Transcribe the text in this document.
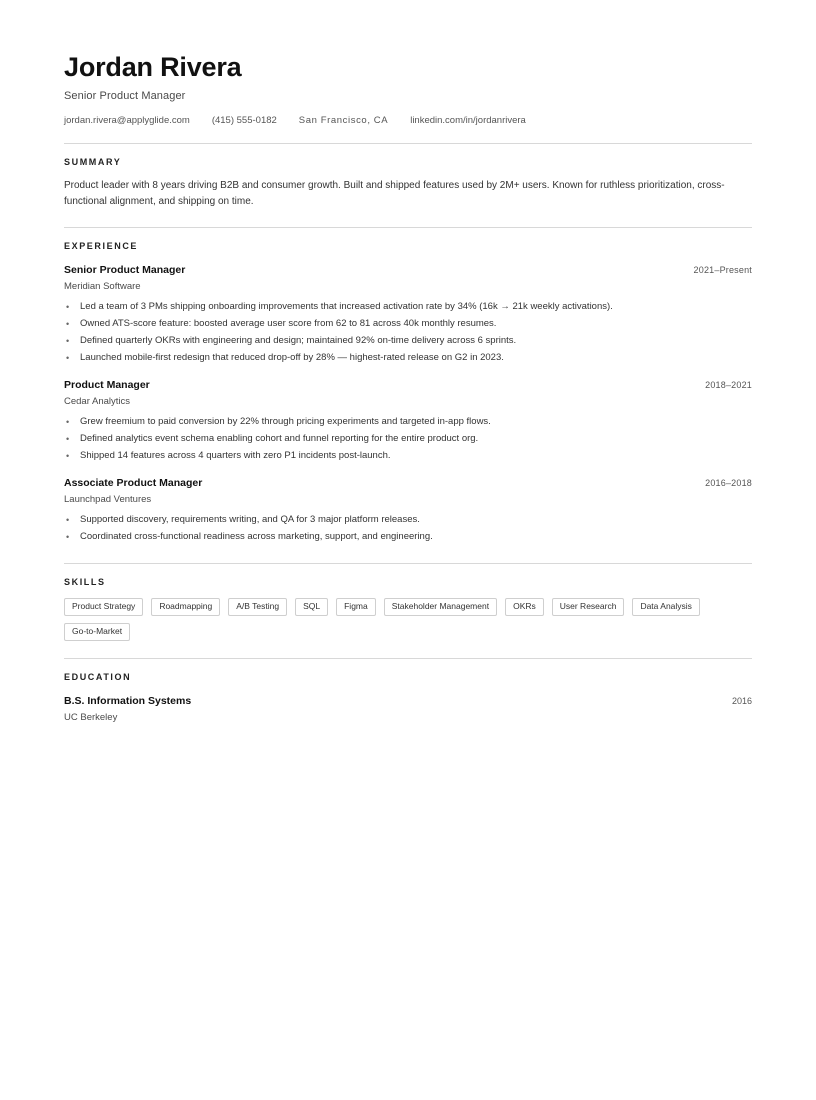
Jordan Rivera
Senior Product Manager
jordan.rivera@applyglide.com (415) 555-0182 San Francisco, CA linkedin.com/in/jordanrivera
SUMMARY
Product leader with 8 years driving B2B and consumer growth. Built and shipped features used by 2M+ users. Known for ruthless prioritization, cross-functional alignment, and shipping on time.
EXPERIENCE
Senior Product Manager	2021–Present
Meridian Software
• Led a team of 3 PMs shipping onboarding improvements that increased activation rate by 34% (16k → 21k weekly activations).
• Owned ATS-score feature: boosted average user score from 62 to 81 across 40k monthly resumes.
• Defined quarterly OKRs with engineering and design; maintained 92% on-time delivery across 6 sprints.
• Launched mobile-first redesign that reduced drop-off by 28% — highest-rated release on G2 in 2023.
Product Manager	2018–2021
Cedar Analytics
• Grew freemium to paid conversion by 22% through pricing experiments and targeted in-app flows.
• Defined analytics event schema enabling cohort and funnel reporting for the entire product org.
• Shipped 14 features across 4 quarters with zero P1 incidents post-launch.
Associate Product Manager	2016–2018
Launchpad Ventures
• Supported discovery, requirements writing, and QA for 3 major platform releases.
• Coordinated cross-functional readiness across marketing, support, and engineering.
SKILLS
Product Strategy	Roadmapping	A/B Testing	SQL	Figma	Stakeholder Management	OKRs	User Research	Data Analysis
Go-to-Market
EDUCATION
B.S. Information Systems	2016
UC Berkeley
